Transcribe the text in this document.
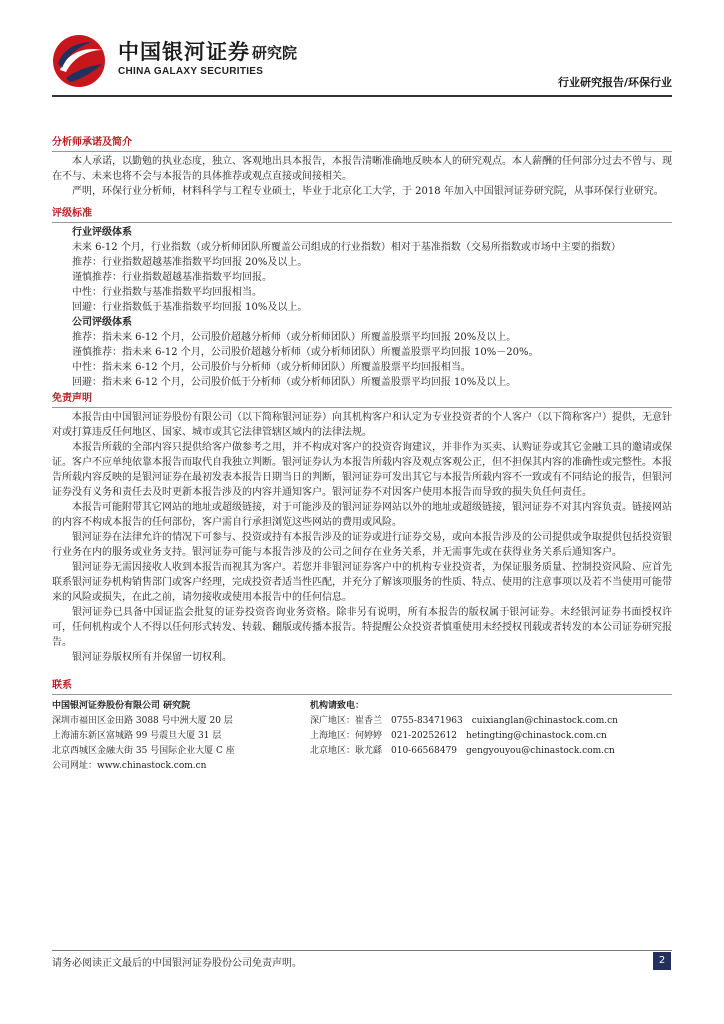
中国银河证券
CHINA GALAXY SECURITIES
研究院
行业研究报告/环保行业
分析师承诺及简介

本人承诺，以勤勉的执业态度，独立、客观地出具本报告，本报告清晰准确地反映本人的研究观点。本人薪酬的任何部分过去不曾与、现在不与、未来也将不会与本报告的具体推荐或观点直接或间接相关。

严明，环保行业分析师，材料科学与工程专业硕士，毕业于北京化工大学，于 2018 年加入中国银河证券研究院，从事环保行业研究。

评级标准
行业评级体系
未来 6-12 个月，行业指数（或分析师团队所覆盖公司组成的行业指数）相对于基准指数（交易所指数或市场中主要的指数）
推荐：行业指数超越基准指数平均回报 20%及以上。
谨慎推荐：行业指数超越基准指数平均回报。
中性：行业指数与基准指数平均回报相当。
回避：行业指数低于基准指数平均回报 10%及以上。
公司评级体系
推荐：指未来 6-12 个月，公司股价超越分析师（或分析师团队）所覆盖股票平均回报 20%及以上。
谨慎推荐：指未来 6-12 个月，公司股价超越分析师（或分析师团队）所覆盖股票平均回报 10%－20%。
中性：指未来 6-12 个月，公司股价与分析师（或分析师团队）所覆盖股票平均回报相当。
回避：指未来 6-12 个月，公司股价低于分析师（或分析师团队）所覆盖股票平均回报 10%及以上。
免责声明

本报告由中国银河证券股份有限公司（以下简称银河证券）向其机构客户和认定为专业投资者的个人客户（以下简称客户）提供，无意针对或打算违反任何地区、国家、城市或其它法律管辖区域内的法律法规。

本报告所载的全部内容只提供给客户做参考之用，并不构成对客户的投资咨询建议，并非作为买卖、认购证券或其它金融工具的邀请或保证。客户不应单纯依靠本报告而取代自我独立判断。银河证券认为本报告所载内容及观点客观公正，但不担保其内容的准确性或完整性。本报告所载内容反映的是银河证券在最初发表本报告日期当日的判断，银河证券可发出其它与本报告所载内容不一致或有不同结论的报告，但银河证券没有义务和责任去及时更新本报告涉及的内容并通知客户。银河证券不对因客户使用本报告而导致的损失负任何责任。

本报告可能附带其它网站的地址或超级链接，对于可能涉及的银河证券网站以外的地址或超级链接，银河证券不对其内容负责。链接网站的内容不构成本报告的任何部份，客户需自行承担浏览这些网站的费用或风险。

银河证券在法律允许的情况下可参与、投资或持有本报告涉及的证券或进行证券交易，或向本报告涉及的公司提供或争取提供包括投资银行业务在内的服务或业务支持。银河证券可能与本报告涉及的公司之间存在业务关系，并无需事先或在获得业务关系后通知客户。

银河证券无需因接收人收到本报告而视其为客户。若您并非银河证券客户中的机构专业投资者，为保证服务质量、控制投资风险、应首先联系银河证券机构销售部门或客户经理，完成投资者适当性匹配，并充分了解该项服务的性质、特点、使用的注意事项以及若不当使用可能带来的风险或损失，在此之前，请勿接收或使用本报告中的任何信息。

银河证券已具备中国证监会批复的证券投资咨询业务资格。除非另有说明，所有本报告的版权属于银河证券。未经银河证券书面授权许可，任何机构或个人不得以任何形式转发、转载、翻版或传播本报告。特提醒公众投资者慎重使用未经授权刊载或者转发的本公司证券研究报告。

银河证券版权所有并保留一切权利。

联系
中国银河证券股份有限公司 研究院
深圳市福田区金田路 3088 号中洲大厦 20 层
上海浦东新区富城路 99 号震旦大厦 31 层
北京西城区金融大街 35 号国际企业大厦 C 座
公司网址：www.chinastock.com.cn
机构请致电：
深广地区：崔香兰　0755-83471963　cuixianglan@chinastock.com.cn
上海地区：何婷婷　021-20252612　hetingting@chinastock.com.cn
北京地区：耿尤繇　010-66568479　gengyouyou@chinastock.com.cn
请务必阅读正文最后的中国银河证券股份公司免责声明。	2
